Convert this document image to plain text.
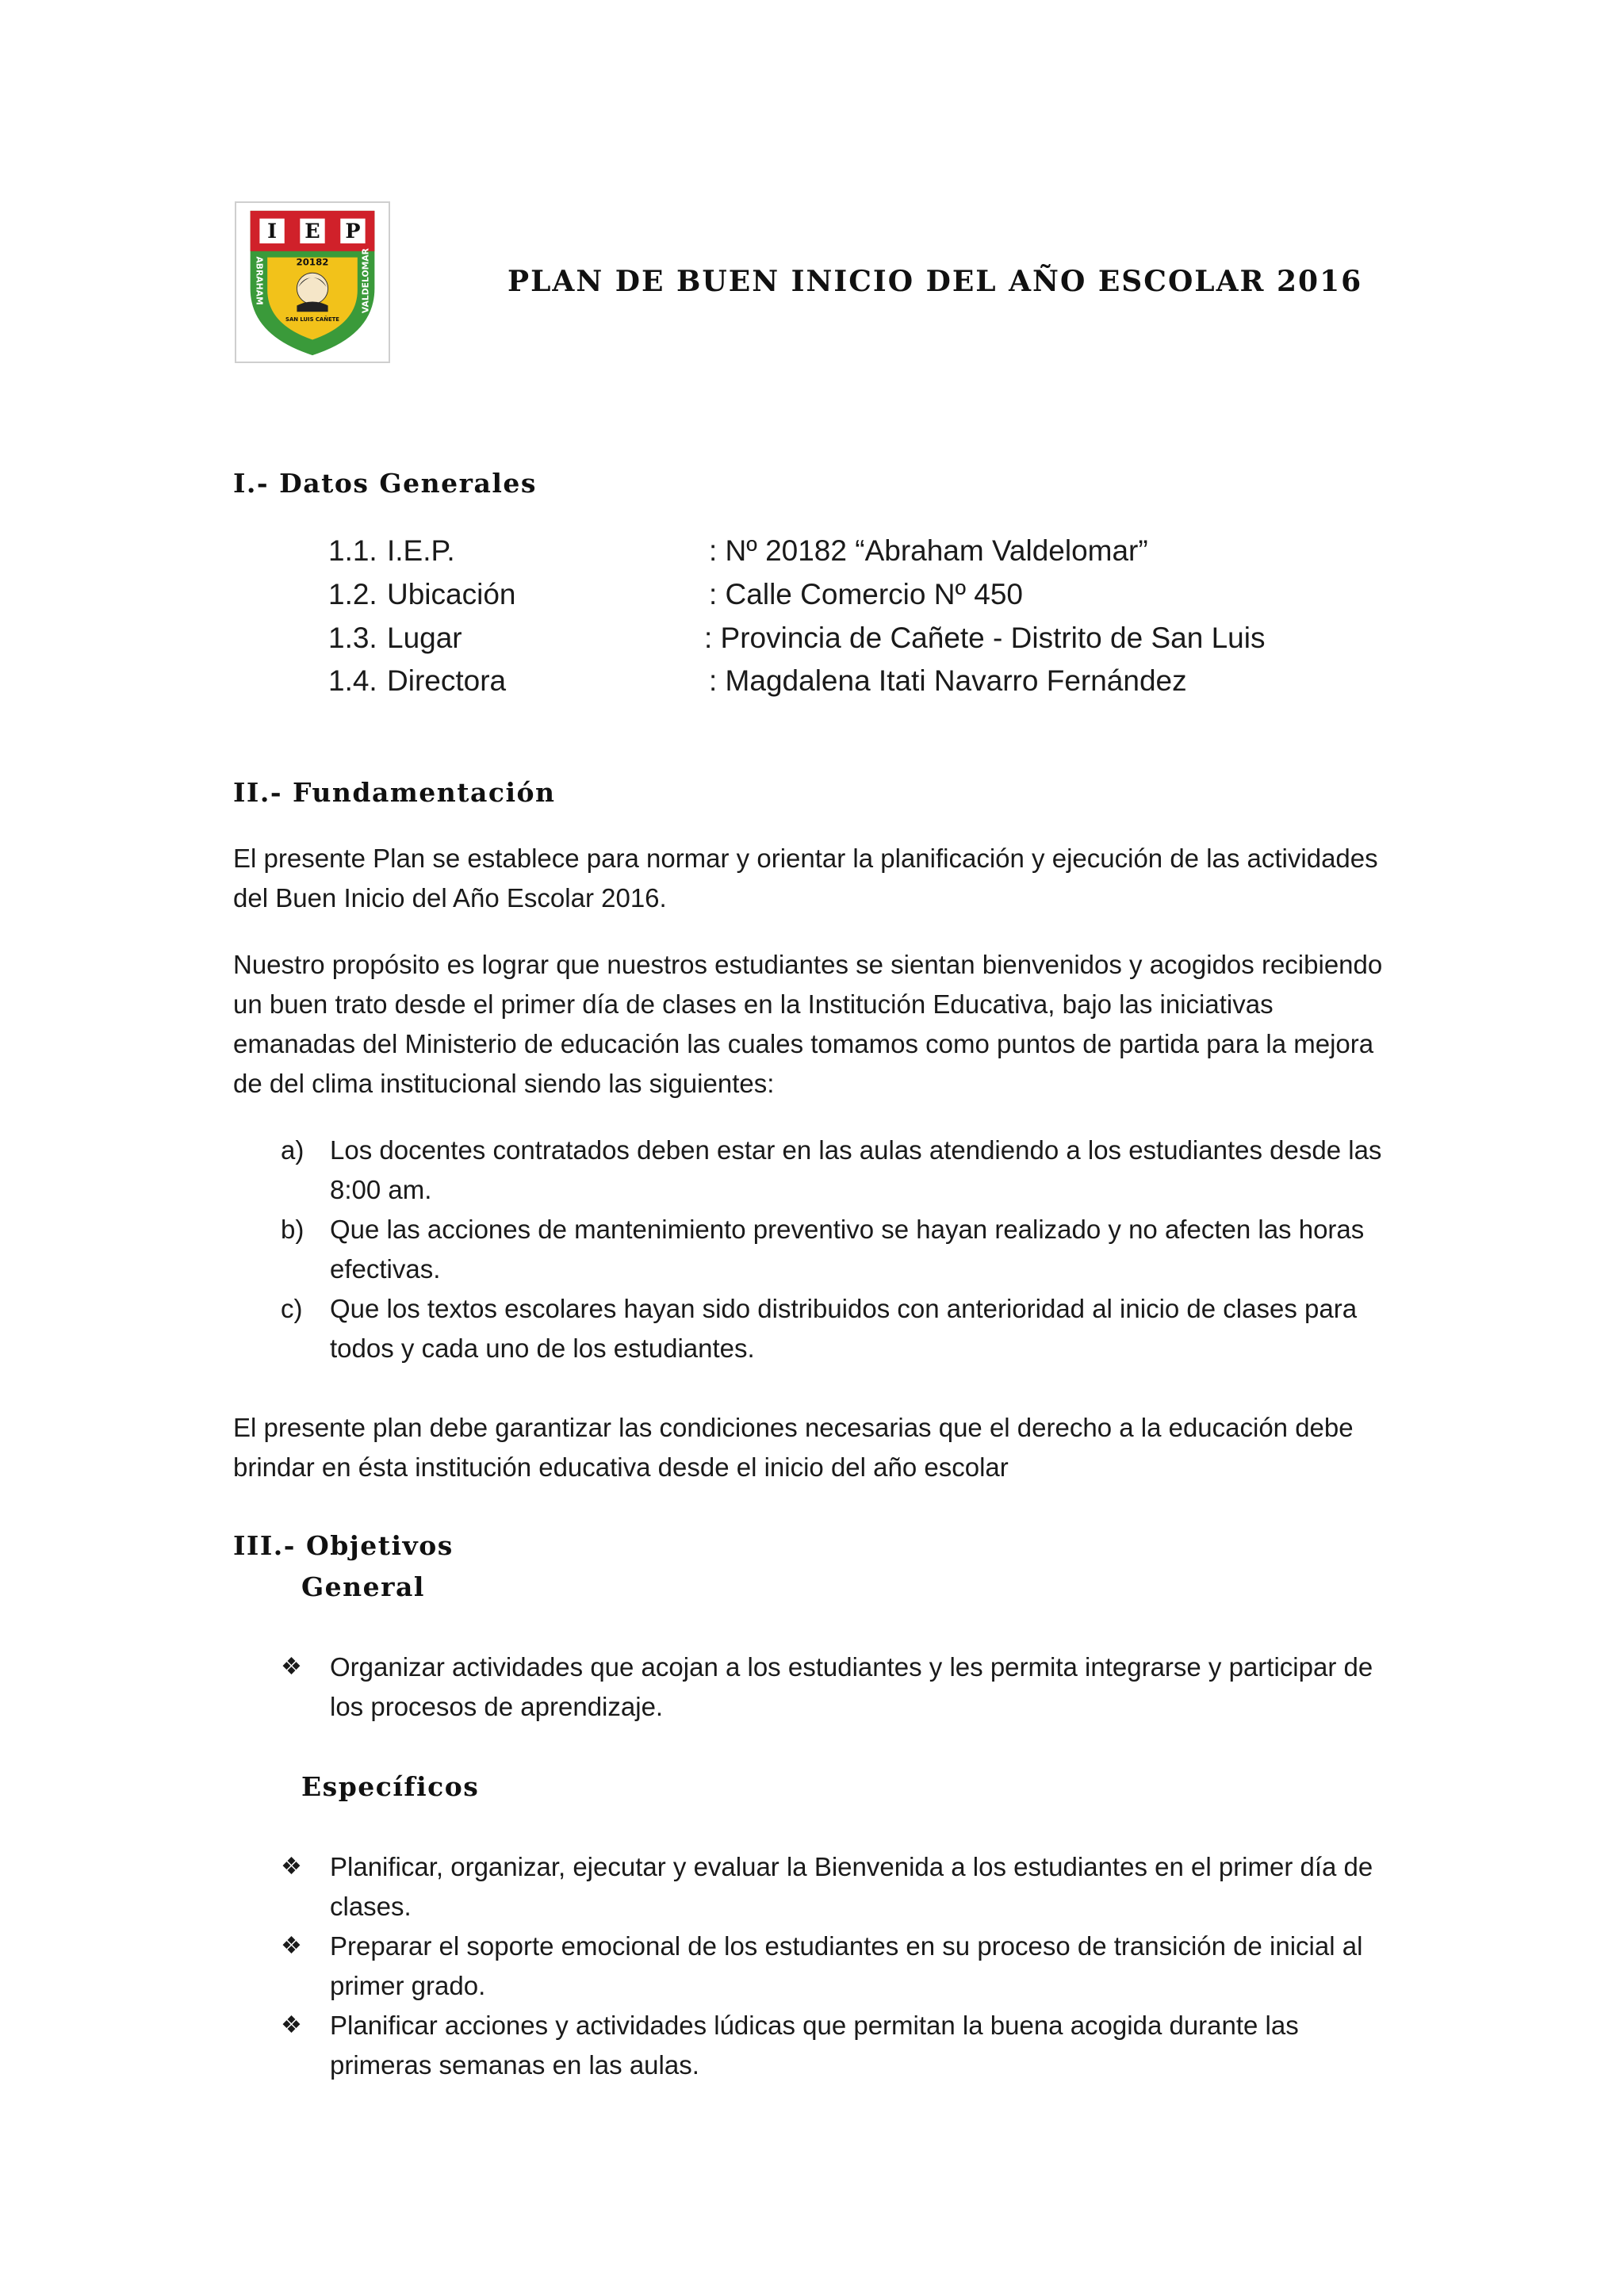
I E P
20182
SAN LUIS CAÑETE
ABRAHAM	VALDELOMAR	PLAN DE BUEN INICIO DEL AÑO ESCOLAR 2016
I.- Datos Generales
1.1. I.E.P.	: Nº 20182 “Abraham Valdelomar”
1.2. Ubicación	: Calle Comercio Nº 450
1.3. Lugar	: Provincia de Cañete - Distrito de San Luis
1.4. Directora	: Magdalena Itati Navarro Fernández
II.- Fundamentación
El presente Plan se establece para normar y orientar la planificación y ejecución de las actividades del Buen Inicio del Año Escolar 2016.
Nuestro propósito es lograr que nuestros estudiantes se sientan bienvenidos y acogidos recibiendo un buen trato desde el primer día de clases en la Institución Educativa, bajo las iniciativas emanadas del Ministerio de educación las cuales tomamos como puntos de partida para la mejora de del clima institucional siendo las siguientes:
a) Los docentes contratados deben estar en las aulas atendiendo a los estudiantes desde las 8:00 am.
b) Que las acciones de mantenimiento preventivo se hayan realizado y no afecten las horas efectivas.
c) Que los textos escolares hayan sido distribuidos con anterioridad al inicio de clases para todos y cada uno de los estudiantes.
El presente plan debe garantizar las condiciones necesarias que el derecho a la educación debe brindar en ésta institución educativa desde el inicio del año escolar
III.- Objetivos
General
❖ Organizar actividades que acojan a los estudiantes y les permita integrarse y participar de los procesos de aprendizaje.
Específicos
❖ Planificar, organizar, ejecutar y evaluar la Bienvenida a los estudiantes en el primer día de clases.
❖ Preparar el soporte emocional de los estudiantes en su proceso de transición de inicial al primer grado.
❖ Planificar acciones y actividades lúdicas que permitan la buena acogida durante las primeras semanas en las aulas.
